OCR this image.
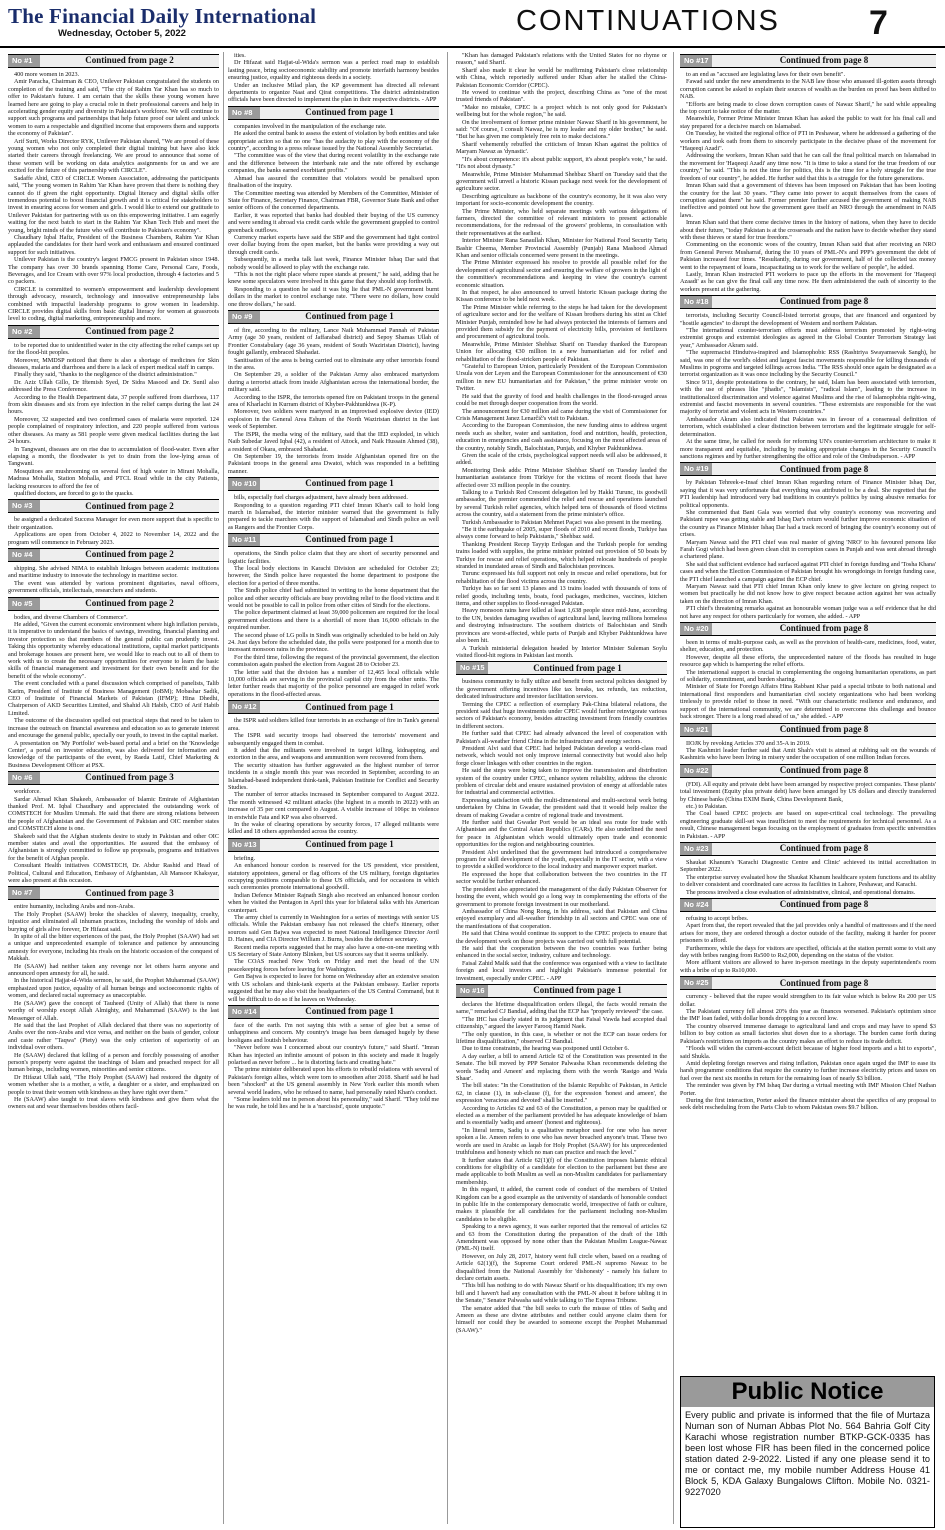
The Financial Daily International
Wednesday, October 5, 2022	CONTINUATIONS	7
No #1	Continued from page 2

400 more women in 2023.

Amir Paracha, Chairman & CEO, Unilever Pakistan congratulated the students on completion of the training and said, "The city of Rahim Yar Khan has so much to offer to Pakistan's future. I am certain that the skills these young women have learned here are going to play a crucial role in their professional careers and help in accelerating gender equity and diversity in Pakistan's workforce. We will continue to support such programs and partnerships that help future proof our talent and unlock women to earn a respectable and dignified income that empowers them and supports the economy of Pakistan".

Arif Surti, Works Director RYK, Unilever Pakistan shared, "We are proud of these young women who not only completed their digital training but have also kick started their careers through freelancing. We are proud to announce that some of these women will be working on data analytics assignments for us and we are excited for the future of this partnership with CIRCLE".

Sadaffe Abid, CEO of CIRCLE Women Association, addressing the participants said, "The young women in Rahim Yar Khan have proven that there is nothing they cannot do if given the right opportunity. Digital literacy and digital skills offer tremendous potential to boost financial growth and it is critical for stakeholders to invest in ensuring access for women and girls. I would like to extend our gratitude to Unilever Pakistan for partnering with us on this empowering initiative. I am eagerly waiting for the next batch to start in the Rahim Yar Khan Tech Hub and meet the young, bright minds of the future who will contribute to Pakistan's economy".

Chaudhary Iqbal Hafiz, President of the Business Chambers, Rahim Yar Khan applauded the candidates for their hard work and enthusiasm and ensured continued support for such initiatives.

Unilever Pakistan is the country's largest FMCG present in Pakistan since 1948. The company has over 30 brands spanning Home Care, Personal Care, Foods, Beverages, and Ice Cream with over 97% local production, through 4 factories and 5 co packers.

CIRCLE is committed to women's empowerment and leadership development through advocacy, research, technology and innovative entrepreneurship labs combined with impactful leadership programs to grow women in leadership. CIRCLE provides digital skills from basic digital literacy for women at grassroots level to coding, digital marketing, entrepreneurship and more.

No #2	Continued from page 2

to be reported due to unidentified water in the city affecting the relief camps set up for the flood-hit peoples.

Moreover, MMDSP noticed that there is also a shortage of medicines for Skin diseases, malaria and diarrhoea and there is a lack of expert medical staff in camps.

Finally they said, "thanks to the negligence of the district administration."

Dr. Aziz Ullah Gillo, Dr Iftemish Syed, Dr Sidra Masood and Dr. Sunil also addressed the Press Conference.

According to the Health Department data, 37 people suffered from diarrhoea, 117 from skin diseases and six from eye infection in the relief camps during the last 24 hours.

Moreover, 32 suspected and two confirmed cases of malaria were reported. 124 people complained of respiratory infection, and 220 people suffered from various other diseases. As many as 581 people were given medical facilities during the last 24 hours.

In Tangwani, diseases are on rise due to accumulation of flood-water. Even after elapsing a month, the floodwater is yet to drain from the low-lying areas of Tangwani.

Mosquitoes are mushrooming on several feet of high water in Mirani Mohalla, Madrasa Mohalla, Station Mohalla, and PTCL Road while in the city Patients, lacking resources to afford the fee of

qualified doctors, are forced to go to the quacks.

No #3	Continued from page 2

be assigned a dedicated Success Manager for even more support that is specific to their organization.

Applications are open from October 4, 2022 to November 14, 2022 and the program will commence in February 2023.

No #4	Continued from page 2

shipping. She advised NIMA to establish linkages between academic institutions and maritime industry to innovate the technology in maritime sector.

The event was attended by various prominent dignitaries, naval officers, government officials, intellectuals, researchers and students.

No #5	Continued from page 2

bodies, and diverse Chambers of Commerce".

He added, "Given the current economic environment where high inflation persists, it is imperative to understand the basics of savings, investing, financial planning and investor protection so that members of the general public can prudently invest. Taking this opportunity whereby educational institutions, capital market participants and brokerage houses are present here, we would like to reach out to all of them to work with us to create the necessary opportunities for everyone to learn the basic skills of financial management and investment for their own benefit and for the benefit of the whole economy".

The event concluded with a panel discussion which comprised of panelists, Talib Karim, President of Institute of Business Management (IoBM); Mobashar Sadik, CEO of Institute of Financial Markets of Pakistan (IFMP); Hina Dhedhi, Chairperson of AKD Securities Limited, and Shahid Ali Habib, CEO of Arif Habib Limited.

The outcome of the discussion spelled out practical steps that need to be taken to increase the outreach on financial awareness and education so as to generate interest and encourage the general public, specially our youth, to invest in the capital market.

A presentation on 'My Portfolio' web-based portal and a brief on the 'Knowledge Center', a portal on investor education, was also delivered for information and knowledge of the participants of the event, by Raeda Latif, Chief Marketing & Business Development Officer at PSX.

No #6	Continued from page 3

workforce.

Sardar Ahmad Khan Shakeeb, Ambassador of Islamic Emirate of Afghanistan thanked Prof. M. Iqbal Chaudhary and appreciated the outstanding work of COMSTECH for Muslim Ummah. He said that there are strong relations between the people of Afghanistan and the Government of Pakistan and OIC member states and COMSTECH alone is one.

Shakeeb said that the Afghan students desire to study in Pakistan and other OIC member states and avail the opportunities. He assured that the embassy of Afghanistan is strongly committed to follow up proposals, programs and initiatives for the benefit of Afghan people.

Consultant Health initiatives COMSTECH, Dr. Abdur Rashid and Head of Political, Cultural and Education, Embassy of Afghanistan, Ali Mansoor Khaksyar, were also present at this occasion.

No #7	Continued from page 3

entire humanity, including Arabs and non-Arabs.

The Holy Prophet (SAAW) broke the shackles of slavery, inequality, cruelty, injustice and eliminated all inhuman practices, including the worship of idols and burying of girls alive forever, Dr Hifazat said.

In spite of all the bitter experiences of the past, the Holy Prophet (SAAW) had set a unique and unprecedented example of tolerance and patience by announcing amnesty for everyone, including his rivals on the historic occasion of the conquest of Makkah.

He (SAAW) had neither taken any revenge nor let others harm anyone and announced open amnesty for all, he said.

In the historical Hajjat-ul-Wida sermon, he said, the Prophet Muhammad (SAAW) emphasized upon justice, equality of all human beings and socioeconomic rights of women, and declared racial supremacy as unacceptable.

He (SAAW) gave the concept of Tauheed (Unity of Allah) that there is none worthy of worship except Allah Almighty, and Muhammad (SAAW) is the last Messenger of Allah.

He said that the last Prophet of Allah declared that there was no superiority of Arabs over the non-Arabs and vice versa, and neither on the basis of gender, colour and caste rather "Taqwa" (Piety) was the only criterion of superiority of an individual over others.

He (SAAW) declared that killing of a person and forcibly possessing of another person's property were against the teachings of Islam and preached respect for all human beings, including women, minorities and senior citizens.

Dr Hifazat Ullah said, "The Holy Prophet (SAAW) had restored the dignity of women whether she is a mother, a wife, a daughter or a sister, and emphasized on people to treat their women with kindness as they have right over them."

He (SAAW) also taught to treat slaves with kindness and give them what the owners eat and wear themselves besides others facil-

ities.

Dr Hifazat said Hajjat-ul-Wida's sermon was a perfect road map to establish lasting peace, bring socioeconomic stability and promote interfaith harmony besides ensuring justice, equality and righteous deeds in a society.

Under an inclusive Milad plan, the KP government has directed all relevant departments to organize Naat and Qirat competitions. The district administration officials have been directed to implement the plan in their respective districts. - APP

No #8	Continued from page 1

companies involved in the manipulation of the exchange rate.

He asked the central bank to assess the extent of violation by both entities and take appropriate action so that no one "has the audacity to play with the economy of the country", according to a press release issued by the National Assembly Secretariat.

"The committee was of the view that during recent volatility in the exchange rate and the difference between the interbank rate and the rate offered by exchange companies, the banks earned exorbitant profits."

Ahmad has assured the committee that violators would be penalised upon finalisation of the inquiry.

The Committee meeting was attended by Members of the Committee, Minister of State for Finance, Secretary Finance, Chairman FBR, Governor State Bank and other senior officers of the concerned departments.

Earlier, it was reported that banks had doubled their buying of the US currency and were sending it abroad via credit cards while the government grappled to control greenback outflows.

Currency market experts have said the SBP and the government had tight control over dollar buying from the open market, but the banks were providing a way out through credit cards.

Subsequently, in a media talk last week, Finance Minister Ishaq Dar said that nobody would be allowed to play with the exchange rate.

"This is not the right place where rupee stands at present," he said, adding that he knew some speculators were involved in this game that they should stop forthwith.

Responding to a question he said it was big lie that PML-N government burnt dollars in the market to control exchange rate. "There were no dollars, how could one throw dollars," he said.

No #9	Continued from page 1

of fire, according to the military, Lance Naik Muhammad Pannah of Pakistan Army (age 30 years, resident of Jaffarabad district) and Sepoy Shamas Ullah of Frontier Constabulary (age 36 years, resident of South Waziristan District), having fought gallantly, embraced Shahadat.

Sanitisation of the area is being carried out to eliminate any other terrorists found in the area.

On September 29, a soldier of the Pakistan Army also embraced martyrdom during a terrorist attack from inside Afghanistan across the international border, the military said.

According to the ISPR, the terrorists opened fire on Pakistani troops in the general area of Kharlachi in Kurram district of Khyber-Pakhtunkhwa (K-P).

Moreover, two soldiers were martyred in an improvised explosive device (IED) explosion in the General Area Eshum of the North Waziristan district in the last week of September.

The ISPR, the media wing of the military, said that the IED exploded, in which Naib Subedar Javed Iqbal (42), a resident of Attock, and Naik Hussain Ahmed (38), a resident of Okara, embraced Shahadat.

On September 19, the terrorists from inside Afghanistan opened fire on the Pakistani troops in the general area Dwatoi, which was responded in a befitting manner.

No #10	Continued from page 1

bills, especially fuel charges adjustment, have already been addressed.

Responding to a question regarding PTI chief Imran Khan's call to hold long march in Islamabad, the interior minister warned that the government is fully prepared to tackle marchers with the support of Islamabad and Sindh police as well as Rangers and the Frontier Corps.

No #11	Continued from page 1

operations, the Sindh police claim that they are short of security personnel and logistic facilities.

The local body elections in Karachi Division are scheduled for October 23; however, the Sindh police have requested the home department to postpone the election for a period of three months.

The Sindh police chief had submitted in writing to the home department that the police and other security officials are busy providing relief to the flood victims and it would not be possible to call in police from other cities of Sindh for the elections.

The police department claimed at least 39,000 policemen are required for the local government elections and there is a shortfall of more than 16,000 officials in the required number.

The second phase of LG polls in Sindh was originally scheduled to be held on July 24. Just days before the scheduled date, the polls were postponed for a month due to incessant monsoon rains in the province.

For the third time, following the request of the provincial government, the election commission again pushed the election from August 28 to October 23.

The letter said that the division has a number of 12,465 local officials while 10,000 officials are serving in the provincial capital city from the other units. The letter further reads that majority of the police personnel are engaged in relief work operations in the flood-affected areas.

No #12	Continued from page 1

the ISPR said soldiers killed four terrorists in an exchange of fire in Tank's general area.

The ISPR said security troops had observed the terrorists' movement and subsequently engaged them in combat.

It added that the militants were involved in target killing, kidnapping, and extortion in the area, and weapons and ammunition were recovered from them.

The security situation has further aggravated as the highest number of terror incidents in a single month this year was recorded in September, according to an Islamabad-based independent think-tank, Pakistan Institute for Conflict and Security Studies.

The number of terror attacks increased in September compared to August 2022. The month witnessed 42 militant attacks (the highest in a month in 2022) with an increase of 35 per cent compared to August. A visible increase of 106pc in violence in erstwhile Fata and KP was also observed.

In the wake of clearing operations by security forces, 17 alleged militants were killed and 18 others apprehended across the country.

No #13	Continued from page 1

briefing.

An enhanced honour cordon is reserved for the US president, vice president, statutory appointees, general or flag officers of the US military, foreign dignitaries occupying positions comparable to these US officials, and for occasions in which such ceremonies promote international goodwill.

Indian Defence Minister Rajnath Singh also received an enhanced honour cordon when he visited the Pentagon in April this year for bilateral talks with his American counterpart.

The army chief is currently in Washington for a series of meetings with senior US officials. While the Pakistan embassy has not released the chief's itinerary, other sources said Gen Bajwa was expected to meet National Intelligence Director Avril D. Haines, and CIA Director William J. Burns, besides the defence secretary.

Recent media reports suggested that he may also have a one-on-one meeting with US Secretary of State Antony Blinken, but US sources say that it seems unlikely.

The COAS reached New York on Friday and met the head of the UN peacekeeping forces before leaving for Washington.

Gen Bajwa is expected to leave for home on Wednesday after an extensive session with US scholars and think-tank experts at the Pakistan embassy. Earlier reports suggested that he may also visit the headquarters of the US Central Command, but it will be difficult to do so if he leaves on Wednesday.

No #14	Continued from page 1

face of the earth. I'm not saying this with a sense of glee but a sense of unhappiness and concern. My country's image has been damaged hugely by these hooligans and loutish behaviour.

"Never before was I concerned about our country's future," said Sharif. "Imran Khan has injected an infinite amount of poison in this society and made it hugely polarised as never before ... he is distorting facts and creating hate."

The prime minister deliberated upon his efforts to rebuild relations with several of Pakistan's foreign allies, which were torn to smoothen after 2018. Sharif said he had been "shocked" at the US general assembly in New York earlier this month when several world leaders, who he refused to name, had personally rated Khan's conduct.

"Some leaders told me in person about his personality," said Sharif. "They told me he was rude, he told lies and he is a 'narcissist', quote unquote."

"Khan has damaged Pakistan's relations with the United States for no rhyme or reason," said Sharif.

Sharif also made it clear he would be reaffirming Pakistan's close relationship with China, which reportedly suffered under Khan after he stalled the China-Pakistan Economic Corridor (CPEC).

He vowed to continue with the project, describing China as "one of the most trusted friends of Pakistan".

"Make no mistake, CPEC is a project which is not only good for Pakistan's wellbeing but for the whole region," he said.

On the involvement of former prime minister Nawaz Sharif in his government, he said: "Of course, I consult Nawaz, he is my leader and my older brother," he said. "But he has given me completely free rein to make decisions."

Sharif vehemently rebuffed the criticism of Imran Khan against the politics of Maryam Nawaz as 'dynastic'.

"It's about competence: it's about public support, it's about people's vote," he said. "It's not about dynasty."

Meanwhile, Prime Minister Muhammad Shehbaz Sharif on Tuesday said that the government will unveil a historic Kissan package next week for the development of agriculture sector.

Describing agriculture as backbone of the country's economy, he it was also very important for socio-economic development the country.

The Prime Minister, who held separate meetings with various delegations of farmers, directed the committee of relevant ministers to present actionable recommendations, for the redressal of the growers' problems, in consultation with their representatives at the earliest.

Interior Minister Rana Sanaullah Khan, Minister for National Food Security Tariq Bashir Cheema, Member Provincial Assembly (Punjab) Rana Mashood Ahmad Khan and senior officials concerned were present in the meetings.

The Prime Minister expressed his resolve to provide all possible relief for the development of agricultural sector and ensuring the welfare of growers in the light of the committee's recommendations and keeping in view the country's current economic situation.

In that respect, he also announced to unveil historic Kissan package during the Kissan conference to be held next week.

The Prime Minister while referring to the steps he had taken for the development of agriculture sector and for the welfare of Kissan brothers during his stint as Chief Minister Punjab, reminded how he had always protected the interests of farmers and provided them subsidy for the payment of electricity bills, provision of fertilizers and procurement of agricultural tools.

Meanwhile, Prime Minister Shehbaz Sharif on Tuesday thanked the European Union for allocating €30 million in a new humanitarian aid for relief and rehabilitation of the flood-stricken people of Pakistan.

"Grateful to European Union, particularly President of the European Commission Ursula von der Leyen and the European Commissioner for the announcement of €30 million in new EU humanitarian aid for Pakistan," the prime minister wrote on Twitter.

He said that the gravity of food and health challenges in the flood-ravaged areas could be met through deeper cooperation from the world.

The announcement for €30 million aid came during the visit of Commissioner for Crisis Management Janez Lenarčič's visit to Pakistan.

According to the European Commission, the new funding aims to address urgent needs such as shelter, water and sanitation, food and nutrition, health, protection, education in emergencies and cash assistance, focusing on the most affected areas of the country, notably Sindh, Balochistan, Punjab, and Khyber Pakhtunkhwa.

Given the scale of the crisis, psychological support needs will also be addressed, it added.

Monitoring Desk adds: Prime Minister Shehbaz Sharif on Tuesday lauded the humanitarian assistance from Türkiye for the victims of recent floods that have affected over 33 million people in the country.

Talking to a Turkish Red Crescent delegation led by Hakki Turunc, its goodwill ambassador, the premier commended the relief and rescue and operations launched by several Turkish relief agencies, which helped tens of thousands of flood victims across the country, said a statement from the prime minister's office.

Turkish Ambassador to Pakistan Mehmet Paçaci was also present in the meeting.

"Be it the earthquake of 2005, super floods of 2010 and recent floods, Turkiye has always come forward to help Pakistanis," Shehbaz said.

Thanking President Recep Tayyip Erdogan and the Turkish people for sending trains loaded with supplies, the prime minister pointed out provision of 50 boats by Turkiye for rescue and relief operations, which helped relocate hundreds of people stranded in inundated areas of Sindh and Balochistan provinces.

Turunc expressed his full support not only in rescue and relief operations, but for rehabilitation of the flood victims across the country.

Turkiye has so far sent 13 planes and 13 trains loaded with thousands of tons of relief goods, including tents, boats, food packages, medicines, vaccines, kitchen items, and other supplies to flood-ravaged Pakistan.

Heavy monsoon rains have killed at least 1,638 people since mid-June, according to the UN, besides damaging swathes of agricultural land, leaving millions homeless and destroying infrastructure. The southern districts of Balochistan and Sindh provinces are worst-affected, while parts of Punjab and Khyber Pakhtunkhwa have also been hit.

A Turkish ministerial delegation headed by Interior Minister Suleman Soylu visited flood-hit regions in Pakistan last month.

No #15	Continued from page 1

business community to fully utilize and benefit from sectoral policies designed by the government offering incentives like tax breaks, tax refunds, tax reduction, dedicated infrastructure and investor facilitation services.

Terming the CPEC a reflection of exemplary Pak-China bilateral relations, the president said that huge investments under CPEC would further reinvigorate various sectors of Pakistan's economy, besides attracting investment from friendly countries in different sectors.

He further said that CPEC had already advanced the level of cooperation with Pakistan's all-weather friend China in the infrastructure and energy sectors.

President Alvi said that CPEC had helped Pakistan develop a world-class road network, which would not only improve internal connectivity but would also help forge closer linkages with other countries in the region.

He said the steps were being taken to improve the transmission and distribution system of the country under CPEC, enhance system reliability, address the chronic problem of circular debt and ensure sustained provision of energy at affordable rates for industrial and commercial activities.

Expressing satisfaction with the multi-dimensional and multi-sectoral work being undertaken by China in Gwadar, the president said that it would help realize the dream of making Gwadar a centre of regional trade and investment.

He further said that Gwadar Port would be an ideal sea route for trade with Afghanistan and the Central Asian Republics (CARs). He also underlined the need for peace in Afghanistan which would ultimately open trade and economic opportunities for the region and neighbouring countries.

President Alvi underlined that the government had introduced a comprehensive program for skill development of the youth, especially in the IT sector, with a view to provide a skilled workforce to the local industry and manpower export market.

He expressed the hope that collaboration between the two countries in the IT sector would be further enhanced.

The president also appreciated the management of the daily Pakistan Observer for hosting the event, which would go a long way in complementing the efforts of the government to promote foreign investment in our motherland.

Ambassador of China Nong Rong, in his address, said that Pakistan and China enjoyed exemplary and all-weather friendship in all sectors and CPEC was one of the manifestations of that cooperation.

He said that China would continue its support to the CPEC projects to ensure that the development work on those projects was carried out with full potential.

He said that the cooperation between the two countries was further being enhanced in the social sector, industry, culture and technology.

Faisal Zahid Malik said that the conference was organised with a view to facilitate foreign and local investors and highlight Pakistan's immense potential for investment, especially under CPEC. - APP

No #16	Continued from page 1

declares the lifetime disqualification orders illegal, the facts would remain the same," remarked CJ Bandial, adding that the ECP has "properly reviewed" the case.

"The IHC has clearly stated in its judgment that Faisal Vawda had accepted dual citizenship," argued the lawyer Farooq Hamid Naek.

"The only question, in this case, is whether or not the ECP can issue orders for lifetime disqualification," observed CJ Bandial.

Due to time constraints, the hearing was postponed until October 6.

A day earlier, a bill to amend Article 62 of the Constitution was presented in the Senate. The bill moved by PPP Senator Palwasha Khan recommends deleting the words 'Sadiq and Ameen' and replacing them with the words 'Rastgo and Wafa Shaar'.

The bill states: "In the Constitution of the Islamic Republic of Pakistan, in Article 62, in clause (1), in sub-clause (f), for the expression 'honest and ameen', the expression 'veracious and devoted' shall be inserted."

According to Articles 62 and 63 of the Constitution, a person may be qualified or elected as a member of the parliament provided he has adequate knowledge of Islam and is essentially 'sadiq and ameen' (honest and righteous).

"In literal terms, Sadiq is a qualitative metaphor used for one who has never spoken a lie. Ameen refers to one who has never breached anyone's trust. These two words are used in Arabic as laqab for Holy Prophet (SAAW) for his unprecedented truthfulness and honesty which no man can practice and reach the level."

It further states that Article 62(1)(f) of the Constitution imposes Islamic ethical conditions for eligibility of a candidate for election to the parliament but these are made applicable to both Muslim as well as non-Muslim candidates for parliamentary membership.

In this regard, it added, the current code of conduct of the members of United Kingdom can be a good example as the university of standards of honorable conduct in public life in the contemporary democratic world, irrespective of faith or culture, makes it plausible for all candidates for the parliament including non-Muslim candidates to be eligible.

Speaking to a news agency, it was earlier reported that the removal of articles 62 and 63 from the Constitution during the preparation of the draft of the 18th Amendment was opposed by none other than the Pakistan Muslim League-Nawaz (PML-N) itself.

However, on July 28, 2017, history went full circle when, based on a reading of Article 62(1)(f), the Supreme Court ordered PML-N supremo Nawaz to be disqualified from the National Assembly for 'dishonesty' - namely his failure to declare certain assets.

"This bill has nothing to do with Nawaz Sharif or his disqualification; it's my own bill and I haven't had any consultation with the PML-N about it before tabling it in the Senate," Senator Palwasha said while talking to The Express Tribune.

The senator added that "the bill seeks to curb the misuse of titles of Sadiq and Ameen as these are divine attributes and neither could anyone claim them for himself nor could they be awarded to someone except the Prophet Muhammad (SAAW)."

No #17	Continued from page 8

to an end as "accused are legislating laws for their own benefit".

Fawad said under the new amendments to the NAB law those who amassed ill-gotten assets through corruption cannot be asked to explain their sources of wealth as the burden on proof has been shifted to NAB.

"Efforts are being made to close down corruption cases of Nawaz Sharif," he said while appealing the top court to take notice of the matter.

Meanwhile, Former Prime Minister Imran Khan has asked the public to wait for his final call and stay prepared for a decisive march on Islamabad.

On Tuesday, he visited the regional office of PTI in Peshawar, where he addressed a gathering of the workers and took oath from them to sincerely participate in the decisive phase of the movement for "Haqeeqi Azadi".

Addressing the workers, Imran Khan said that he can call the final political march on Islamabad in the movement for 'Haqeeqi Azadi' any time now. "It is time to take a stand for the true freedom of our country," he said. "This is not the time for politics, this is the time for a holy struggle for the true freedom of our country", he added. He further said that this is a struggle for the future generations.

Imran Khan said that a government of thieves has been imposed on Pakistan that has been looting the country for the last 30 years. "They came into power to acquit themselves from the cases of corruption against them" he said. Former premier further accused the government of making NAB ineffective and pointed out how the government gave itself an NRO through the amendment in NAB laws.

Imran Khan said that there come decisive times in the history of nations, when they have to decide about their future, "today Pakistan is at the crossroads and the nation have to decide whether they stand with these thieves or stand for true freedom."

Commenting on the economic woes of the country, Imran Khan said that after receiving an NRO from General Pervez Musharraf, during the 10 years of PML-N's and PPP's government the debt of Pakistan increased four times. "Resultantly, during our government, half of the collected tax money went to the repayment of loans, incapacitating us to work for the welfare of people", he added.

Lastly, Imran Khan instructed PTI workers to pace up the efforts in the movement for 'Haqeeqi Azaadi' as he can give the final call any time now. He then administered the oath of sincerity to the workers present at the gathering.

No #18	Continued from page 8

terrorists, including Security Council-listed terrorist groups, that are financed and organized by "hostile agencies" to disrupt the development of Western and northern Pakistan.

"The international counter-terrorism efforts must address terrorism promoted by right-wing extremist groups and extremist ideologies as agreed in the Global Counter Terrorism Strategy last year," Ambassador Akram said.

"The supremacist Hindutva-inspired and Islamophobic RSS (Rashtriya Swayamsevak Sangh), he said, was one of the world's oldest and largest fascist movements responsible for killing thousands of Muslims in pogroms and targeted killings across India. "The RSS should once again be designated as a terrorist organization as it was once including by the Security Council."

Since 9/11, despite protestations to the contrary, he said, Islam has been associated with terrorism, with the use of phrases like "jihadis", "Islamists", "radical Islam", leading to the increase in institutionalized discrimination and violence against Muslims and the rise of Islamophobia right-wing, extremist and fascist movements in several countries. "These extremists are responsible for the vast majority of terrorist and violent acts in Western countries."

Ambassador Akram also indicated that Pakistan was in favour of a consensual definition of terrorism, which established a clear distinction between terrorism and the legitimate struggle for self-determination.

At the same time, he called for needs for reforming UN's counter-terrorism architecture to make it more transparent and equitable, including by making appropriate changes in the Security Council's sanctions regimes and by further strengthening the office and role of the Ombudsperson. - APP

No #19	Continued from page 8

by Pakistan Tehreek-e-Insaf chief Imran Khan regarding return of Finance Minister Ishaq Dar, saying that it was very unfortunate that everything was attributed to be a deal. She regretted that the PTI leadership had introduced very bad traditions in country's politics by using abusive remarks for political opponents.

She commented that Bani Gala was worried that why country's economy was recovering and Pakistani rupee was getting stable and Ishaq Dar's return would further improve economic situation of the country as Finance Minister Ishaq Dar had a track record of bringing the country's economy out of crises.

Maryam Nawaz said the PTI chief was real master of giving 'NRO' to his favoured persons like Farah Gogi which had been given clean chit in corruption cases in Punjab and was sent abroad through a chartered plane.

She said that sufficient evidence had surfaced against PTI chief in foreign funding and 'Tosha Khana' cases and when the Election Commission of Pakistan brought his wrongdoings in foreign funding case, the PTI chief launched a campaign against the ECP chief.

Maryam Nawaz said that PTI chief Imran Khan only knew to give lecture on giving respect to women but practically he did not know how to give respect because action against her was actually taken on the direction of Imran Khan.

PTI chief's threatening remarks against an honourable woman judge was a self evidence that he did not have any respect for others particularly for women, she added. - APP

No #20	Continued from page 8

been in terms of multi-purpose cash, as well as the provision of health-care, medicines, food, water, shelter, education, and protection.

However, despite all these efforts, the unprecedented nature of the floods has resulted in huge resource gap which is hampering the relief efforts.

The international support is crucial in complementing the ongoing humanitarian operations, as part of solidarity, commitment, and burden sharing.

Minister of State for Foreign Affairs Hina Rabbani Khar paid a special tribute to both national and international first responders and humanitarian civil society organizations who had been working tirelessly to provide relief to those in need. "With our characteristic resilience and endurance, and support of the international community, we are determined to overcome this challenge and bounce back stronger. There is a long road ahead of us," she added. - APP

No #21	Continued from page 8

IIOJK by revoking Articles 370 and 35-A in 2019.

The Kashmiri leader further said that Amit Shah's visit is aimed at rubbing salt on the wounds of Kashmiris who have been living in misery under the occupation of one million Indian forces.

No #22	Continued from page 8

(FDI). All equity and private debt have been arranged by respective project companies. These plants' total investment (Equity plus private debt) have been arranged by US dollars and directly transferred by Chinese banks (China EXIM Bank, China Development Bank,

etc.) to Pakistan.

The Coal based CPEC projects are based on super-critical coal technology. The prevailing engineering graduate skill-set was insufficient to meet the requirements for technical personnel. As a result, Chinese management began focusing on the employment of graduates from specific universities in Pakistan. - APP

No #23	Continued from page 8

Shaukat Khanum's 'Karachi Diagnostic Centre and Clinic' achieved its initial accreditation in September 2022.

The enterprise survey evaluated how the Shaukat Khanum healthcare system functions and its ability to deliver consistent and coordinated care across its facilities in Lahore, Peshawar, and Karachi.

The process involved a close evaluation of administrative, clinical, and operational domains.

No #24	Continued from page 8

refusing to accept bribes.

Apart from that, the report revealed that the jail provides only a handful of mattresses and if the need arises for more, they are ordered through a doctor outside of the facility, making it harder for poorer prisoners to afford.

Furthermore, while the days for visitors are specified, officials at the station permit some to visit any day with bribes ranging from Rs500 to Rs2,000, depending on the status of the visitor.

More affluent visitors are allowed to have in-person meetings in the deputy superintendent's room with a bribe of up to Rs10,000.

No #25	Continued from page 8

currency - believed that the rupee would strengthen to its fair value which is below Rs 200 per US dollar.

The Pakistani currency fell almost 20% this year as finances worsened. Pakistan's optimism since the IMF loan faded, with dollar bonds dropping to a record low.

The country observed immense damage to agricultural land and crops and may have to spend $3 billion to buy cotton as small factories shut down due to a shortage. The burden came forth during Pakistan's restrictions on imports as the country makes an effort to reduce its trade deficit.

"Floods will widen the current-account deficit because of higher food imports and a hit to exports", said Shukla.

Amid depleting foreign reserves and rising inflation, Pakistan once again urged the IMF to ease its harsh programme conditions that require the country to further increase electricity prices and taxes on fuel over the next six months in return for the remaining loan of nearly $3 billion.

The reminder was given by FM Ishaq Dar during a virtual meeting with IMF Mission Chief Nathan Porter.

During the first interaction, Porter asked the finance minister about the specifics of any proposal to seek debt rescheduling from the Paris Club to whom Pakistan owes $9.7 billion.

Public Notice
Every public and private is informed that the file of Murtaza Numan son of Numan Abbas Plot No. 564 Bahria Golf City Karachi whose registration number BTKP-GCK-0335 has been lost whose FIR has been filed in the concerned police station dated 2-9-2022. Listed if any one please send it to me or contact me, my mobile number Address House 41 Block 5, KDA Galaxy Bungalows Clifton. Mobile No. 0321-9227020
